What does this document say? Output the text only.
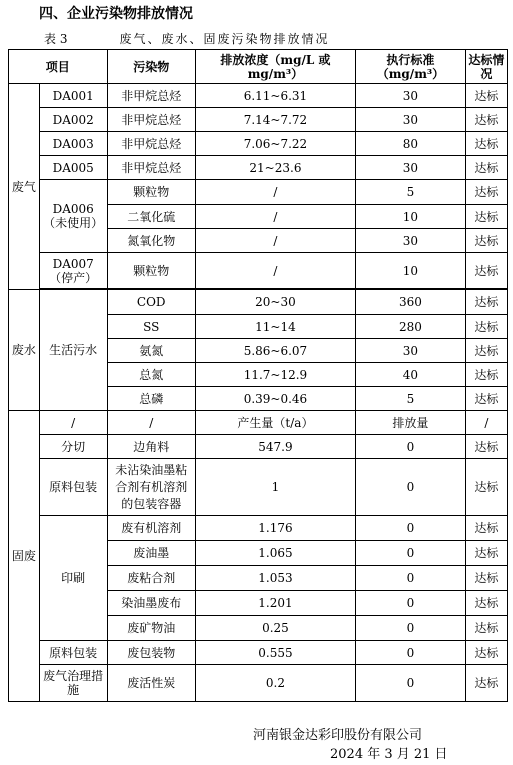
四、企业污染物排放情况
表 3	废气、废水、固废污染物排放情况
项目		污染物	排放浓度（mg/L 或 mg/m³）	执行标准（mg/m³）	达标情况
废气	DA001	非甲烷总烃	6.11~6.31	30	达标
	DA002	非甲烷总烃	7.14~7.72	30	达标
	DA003	非甲烷总烃	7.06~7.22	80	达标
	DA005	非甲烷总烃	21~23.6	30	达标
	DA006（未使用）	颗粒物	/	5	达标
		二氧化硫	/	10	达标
		氮氧化物	/	30	达标
	DA007（停产）	颗粒物	/	10	达标

废水	生活污水	COD	20~30	360	达标
		SS	11~14	280	达标
		氨氮	5.86~6.07	30	达标
		总氮	11.7~12.9	40	达标
		总磷	0.39~0.46	5	达标
固废	/	/	产生量（t/a）	排放量	/
	分切	边角料	547.9	0	达标
	原料包装	未沾染油墨粘合剂有机溶剂的包装容器	1	0	达标
	印刷	废有机溶剂	1.176	0	达标
		废油墨	1.065	0	达标
		废粘合剂	1.053	0	达标
		染油墨废布	1.201	0	达标
		废矿物油	0.25	0	达标
	原料包装	废包装物	0.555	0	达标
	废气治理措施	废活性炭	0.2	0	达标
河南银金达彩印股份有限公司
2024 年 3 月 21 日
